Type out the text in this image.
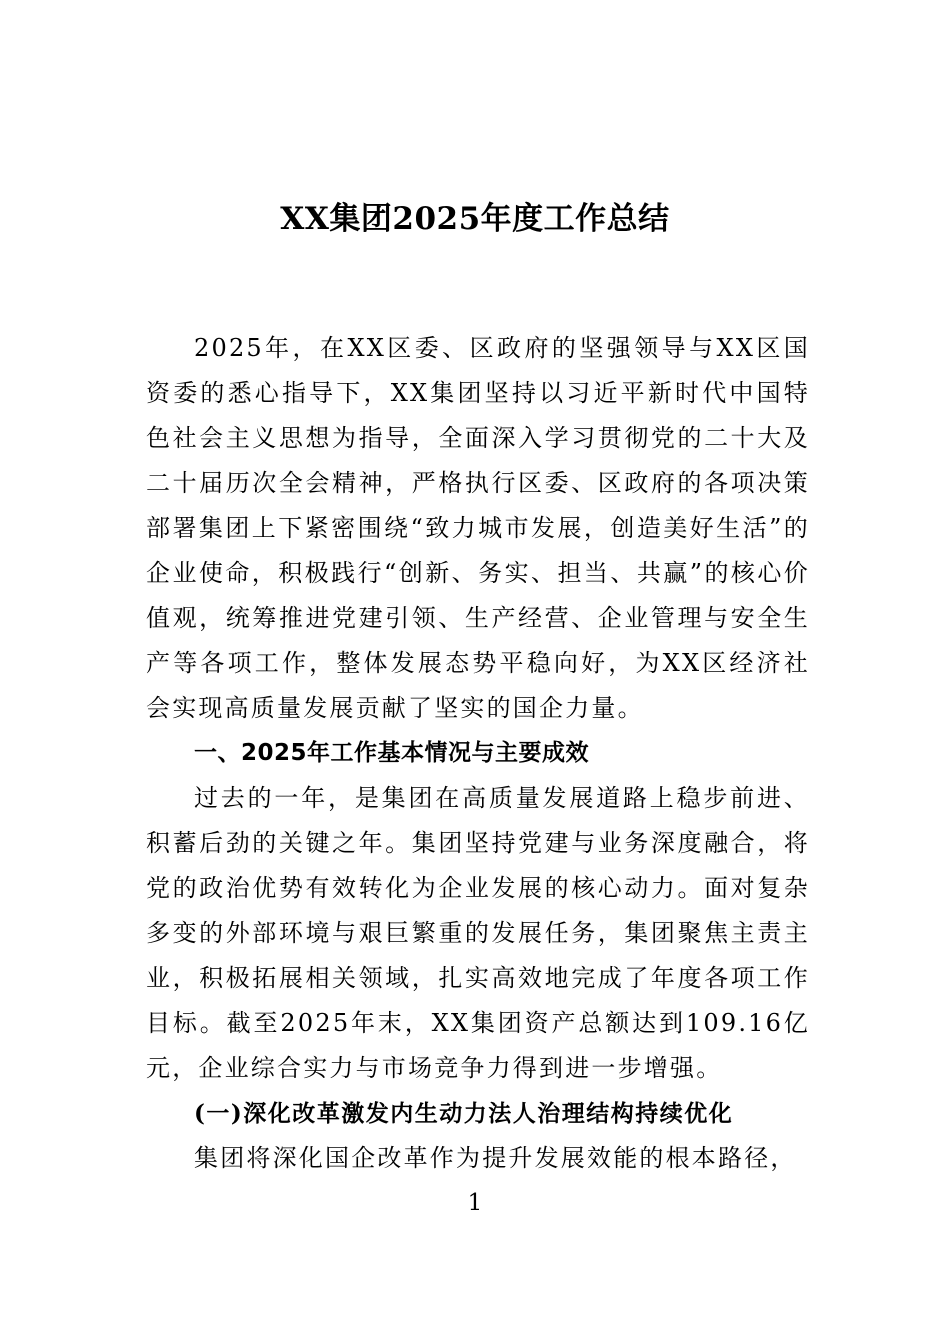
XX集团2025年度工作总结

2025年，在XX区委、区政府的坚强领导与XX区国资委的悉心指导下，XX集团坚持以习近平新时代中国特色社会主义思想为指导，全面深入学习贯彻党的二十大及二十届历次全会精神，严格执行区委、区政府的各项决策部署集团上下紧密围绕“致力城市发展，创造美好生活”的企业使命，积极践行“创新、务实、担当、共赢”的核心价值观，统筹推进党建引领、生产经营、企业管理与安全生产等各项工作，整体发展态势平稳向好，为XX区经济社会实现高质量发展贡献了坚实的国企力量。

一、2025年工作基本情况与主要成效

过去的一年，是集团在高质量发展道路上稳步前进、积蓄后劲的关键之年。集团坚持党建与业务深度融合，将党的政治优势有效转化为企业发展的核心动力。面对复杂多变的外部环境与艰巨繁重的发展任务，集团聚焦主责主业，积极拓展相关领域，扎实高效地完成了年度各项工作目标。截至2025年末，XX集团资产总额达到109.16亿元，企业综合实力与市场竞争力得到进一步增强。

(一)深化改革激发内生动力法人治理结构持续优化

集团将深化国企改革作为提升发展效能的根本路径，

1
